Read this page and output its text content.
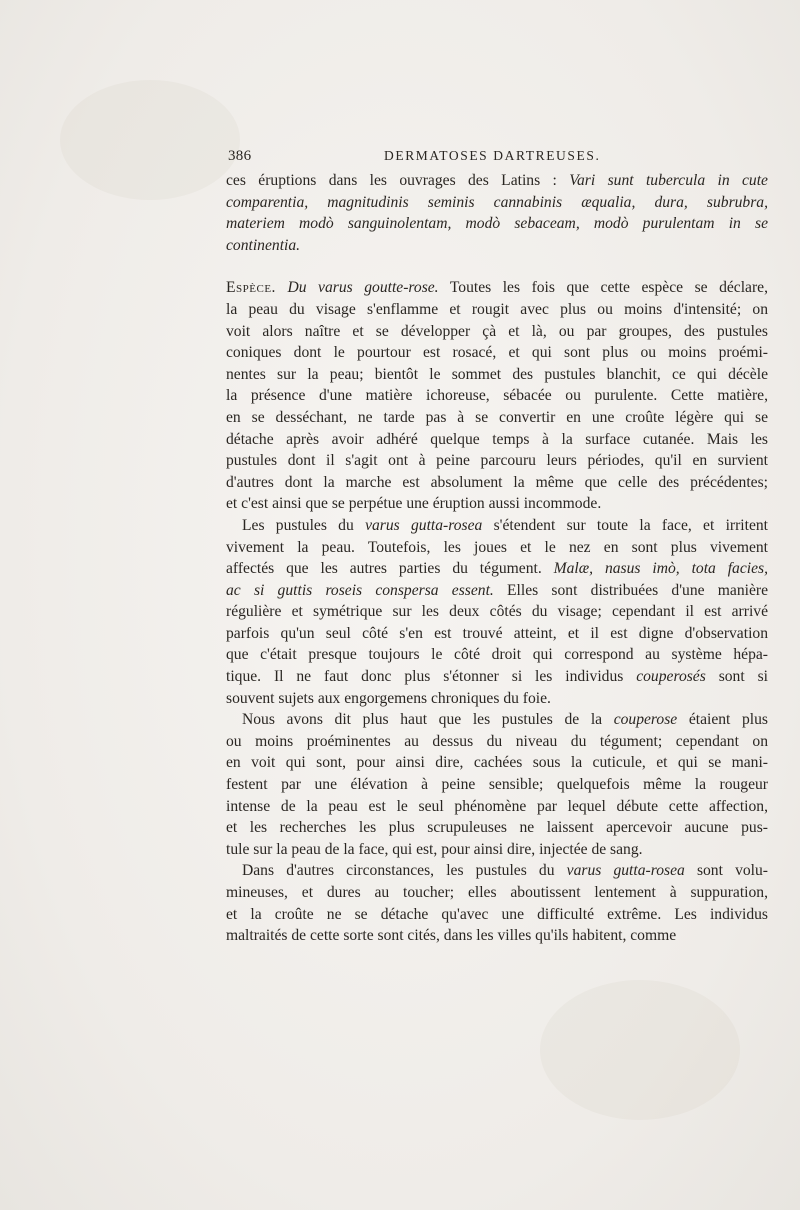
386	DERMATOSES DARTREUSES.
ces éruptions dans les ouvrages des Latins : Vari sunt tubercula in cute
comparentia, magnitudinis seminis cannabinis æqualia, dura, subrubra,
materiem modò sanguinolentam, modò sebaceam, modò purulentam in se
continentia.
Espèce. Du varus goutte-rose. Toutes les fois que cette espèce se déclare,
la peau du visage s'enflamme et rougit avec plus ou moins d'intensité; on
voit alors naître et se développer çà et là, ou par groupes, des pustules
coniques dont le pourtour est rosacé, et qui sont plus ou moins proémi-
nentes sur la peau; bientôt le sommet des pustules blanchit, ce qui décèle
la présence d'une matière ichoreuse, sébacée ou purulente. Cette matière,
en se desséchant, ne tarde pas à se convertir en une croûte légère qui se
détache après avoir adhéré quelque temps à la surface cutanée. Mais les
pustules dont il s'agit ont à peine parcouru leurs périodes, qu'il en survient
d'autres dont la marche est absolument la même que celle des précédentes;
et c'est ainsi que se perpétue une éruption aussi incommode.
Les pustules du varus gutta-rosea s'étendent sur toute la face, et irritent
vivement la peau. Toutefois, les joues et le nez en sont plus vivement
affectés que les autres parties du tégument. Malæ, nasus imò, tota facies,
ac si guttis roseis conspersa essent. Elles sont distribuées d'une manière
régulière et symétrique sur les deux côtés du visage; cependant il est arrivé
parfois qu'un seul côté s'en est trouvé atteint, et il est digne d'observation
que c'était presque toujours le côté droit qui correspond au système hépa-
tique. Il ne faut donc plus s'étonner si les individus couperosés sont si
souvent sujets aux engorgemens chroniques du foie.
Nous avons dit plus haut que les pustules de la couperose étaient plus
ou moins proéminentes au dessus du niveau du tégument; cependant on
en voit qui sont, pour ainsi dire, cachées sous la cuticule, et qui se mani-
festent par une élévation à peine sensible; quelquefois même la rougeur
intense de la peau est le seul phénomène par lequel débute cette affection,
et les recherches les plus scrupuleuses ne laissent apercevoir aucune pus-
tule sur la peau de la face, qui est, pour ainsi dire, injectée de sang.
Dans d'autres circonstances, les pustules du varus gutta-rosea sont volu-
mineuses, et dures au toucher; elles aboutissent lentement à suppuration,
et la croûte ne se détache qu'avec une difficulté extrême. Les individus
maltraités de cette sorte sont cités, dans les villes qu'ils habitent, comme
